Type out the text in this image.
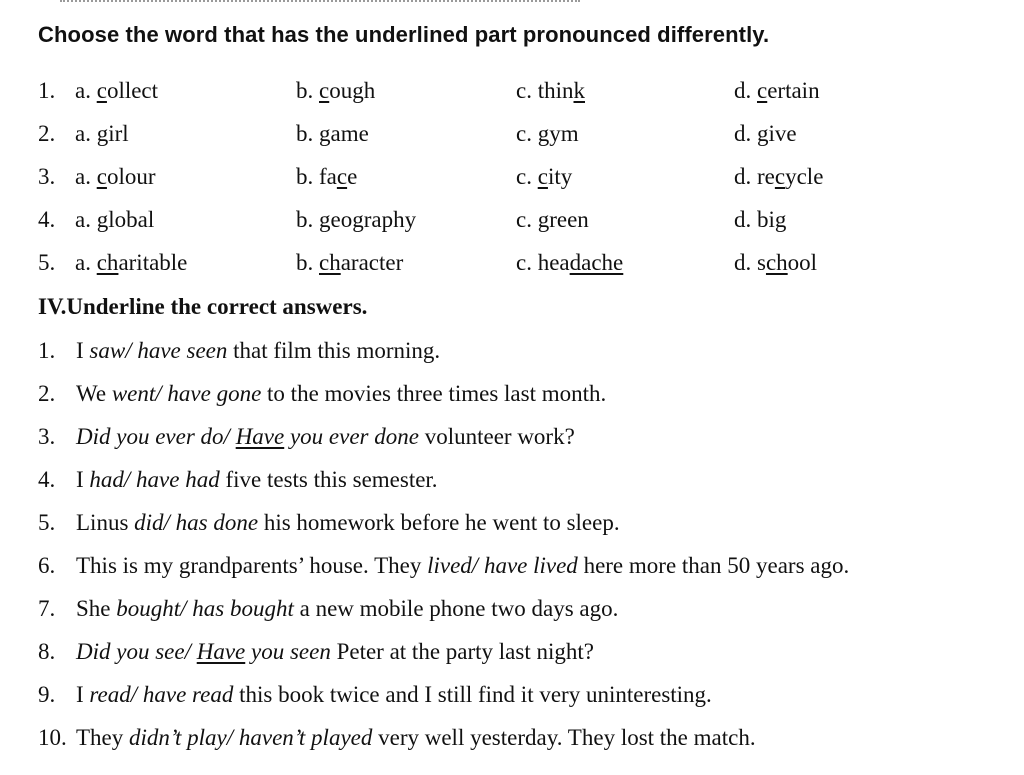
Choose the word that has the underlined part pronounced differently.
1. a. collect	b. cough	c. think	d. certain
2. a. girl	b. game	c. gym	d. give
3. a. colour	b. face	c. city	d. recycle
4. a. global	b. geography	c. green	d. big
5. a. charitable	b. character	c. headache	d. school
IV.Underline the correct answers.
1. I saw/ have seen that film this morning.
2. We went/ have gone to the movies three times last month.
3. Did you ever do/ Have you ever done volunteer work?
4. I had/ have had five tests this semester.
5. Linus did/ has done his homework before he went to sleep.
6. This is my grandparents’ house. They lived/ have lived here more than 50 years ago.
7. She bought/ has bought a new mobile phone two days ago.
8. Did you see/ Have you seen Peter at the party last night?
9. I read/ have read this book twice and I still find it very uninteresting.
10. They didn’t play/ haven’t played very well yesterday. They lost the match.
